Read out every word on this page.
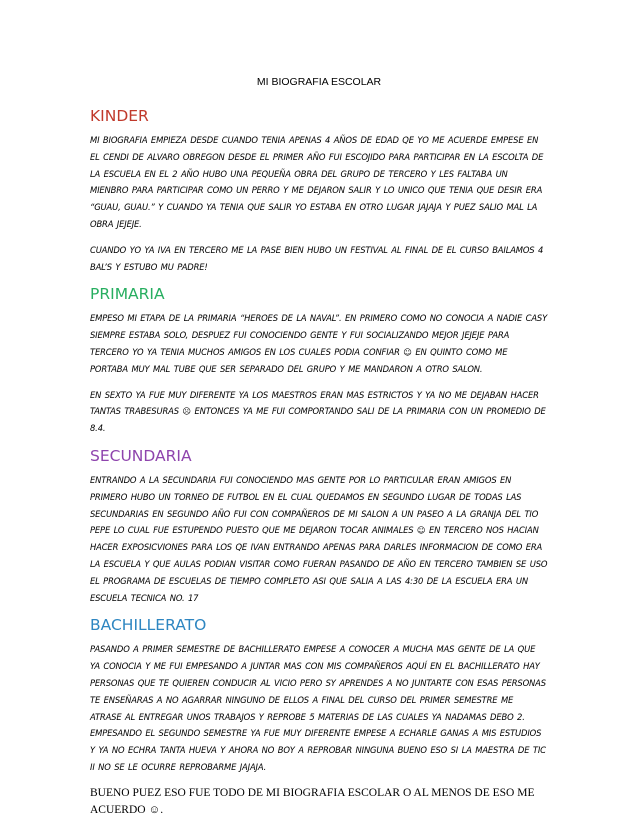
MI BIOGRAFIA ESCOLAR
KINDER

MI BIOGRAFIA EMPIEZA DESDE CUANDO TENIA APENAS 4 AÑOS DE EDAD QE YO ME ACUERDE EMPESE EN EL CENDI DE ALVARO OBREGON DESDE EL PRIMER AÑO FUI ESCOJIDO PARA PARTICIPAR EN LA ESCOLTA DE LA ESCUELA EN EL 2 AÑO HUBO UNA PEQUEÑA OBRA DEL GRUPO DE TERCERO Y LES FALTABA UN MIENBRO PARA PARTICIPAR COMO UN PERRO Y ME DEJARON SALIR Y LO UNICO QUE TENIA QUE DESIR ERA “GUAU, GUAU.” Y CUANDO YA TENIA QUE SALIR YO ESTABA EN OTRO LUGAR JAJAJA Y PUEZ SALIO MAL LA OBRA JEJEJE.

CUANDO YO YA IVA EN TERCERO ME LA PASE BIEN HUBO UN FESTIVAL AL FINAL DE EL CURSO BAILAMOS 4 BAL’S Y ESTUBO MU PADRE!

PRIMARIA

EMPESO MI ETAPA DE LA PRIMARIA “HEROES DE LA NAVAL”. EN PRIMERO COMO NO CONOCIA A NADIE CASY SIEMPRE ESTABA SOLO, DESPUEZ FUI CONOCIENDO GENTE Y FUI SOCIALIZANDO MEJOR JEJEJE PARA TERCERO YO YA TENIA MUCHOS AMIGOS EN LOS CUALES PODIA CONFIAR ☺ EN QUINTO COMO ME PORTABA MUY MAL TUBE QUE SER SEPARADO DEL GRUPO Y ME MANDARON A OTRO SALON.

EN SEXTO YA FUE MUY DIFERENTE YA LOS MAESTROS ERAN MAS ESTRICTOS Y YA NO ME DEJABAN HACER TANTAS TRABESURAS ☹ ENTONCES YA ME FUI COMPORTANDO SALI DE LA PRIMARIA CON UN PROMEDIO DE 8.4.

SECUNDARIA

ENTRANDO A LA SECUNDARIA FUI CONOCIENDO MAS GENTE POR LO PARTICULAR ERAN AMIGOS EN PRIMERO HUBO UN TORNEO DE FUTBOL EN EL CUAL QUEDAMOS EN SEGUNDO LUGAR DE TODAS LAS SECUNDARIAS EN SEGUNDO AÑO FUI CON COMPAÑEROS DE MI SALON A UN PASEO A LA GRANJA DEL TIO PEPE LO CUAL FUE ESTUPENDO PUESTO QUE ME DEJARON TOCAR ANIMALES ☺ EN TERCERO NOS HACIAN HACER EXPOSICVIONES PARA LOS QE IVAN ENTRANDO APENAS PARA DARLES INFORMACION DE COMO ERA LA ESCUELA Y QUE AULAS PODIAN VISITAR COMO FUERAN PASANDO DE AÑO EN TERCERO TAMBIEN SE USO EL PROGRAMA DE ESCUELAS DE TIEMPO COMPLETO ASI QUE SALIA A LAS 4:30 DE LA ESCUELA ERA UN ESCUELA TECNICA NO. 17

BACHILLERATO

PASANDO A PRIMER SEMESTRE DE BACHILLERATO EMPESE A CONOCER A MUCHA MAS GENTE DE LA QUE YA CONOCIA Y ME FUI EMPESANDO A JUNTAR MAS CON MIS COMPAÑEROS AQUÍ EN EL BACHILLERATO HAY PERSONAS QUE TE QUIEREN CONDUCIR AL VICIO PERO SY APRENDES A NO JUNTARTE CON ESAS PERSONAS TE ENSEÑARAS A NO AGARRAR NINGUNO DE ELLOS A FINAL DEL CURSO DEL PRIMER SEMESTRE ME ATRASE AL ENTREGAR UNOS TRABAJOS Y REPROBE 5 MATERIAS DE LAS CUALES YA NADAMAS DEBO 2. EMPESANDO EL SEGUNDO SEMESTRE YA FUE MUY DIFERENTE EMPESE A ECHARLE GANAS A MIS ESTUDIOS Y YA NO ECHRA TANTA HUEVA Y AHORA NO BOY A REPROBAR NINGUNA BUENO ESO SI LA MAESTRA DE TIC II NO SE LE OCURRE REPROBARME JAJAJA.

BUENO PUEZ ESO FUE TODO DE MI BIOGRAFIA ESCOLAR O AL MENOS DE ESO ME ACUERDO ☺.
